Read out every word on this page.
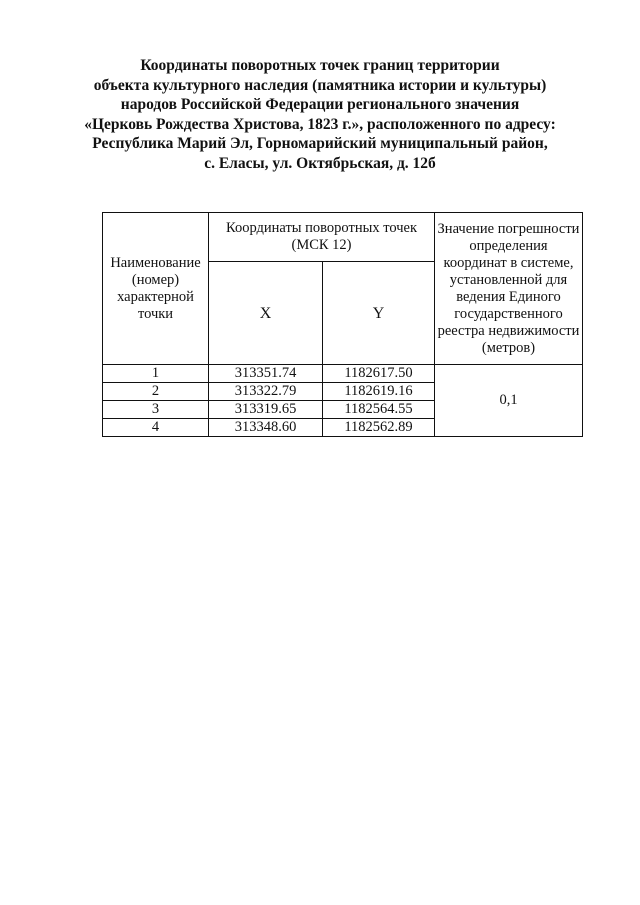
Координаты поворотных точек границ территории
объекта культурного наследия (памятника истории и культуры)
народов Российской Федерации регионального значения
«Церковь Рождества Христова, 1823 г.», расположенного по адресу:
Республика Марий Эл, Горномарийский муниципальный район,
с. Еласы, ул. Октябрьская, д. 12б
Наименование (номер) характерной точки	Координаты поворотных точек (МСК 12)		Значение погрешности определения координат в системе, установленной для ведения Единого государственного реестра недвижимости (метров)
	X	Y	
1	313351.74	1182617.50	0,1
2	313322.79	1182619.16	
3	313319.65	1182564.55	
4	313348.60	1182562.89	
